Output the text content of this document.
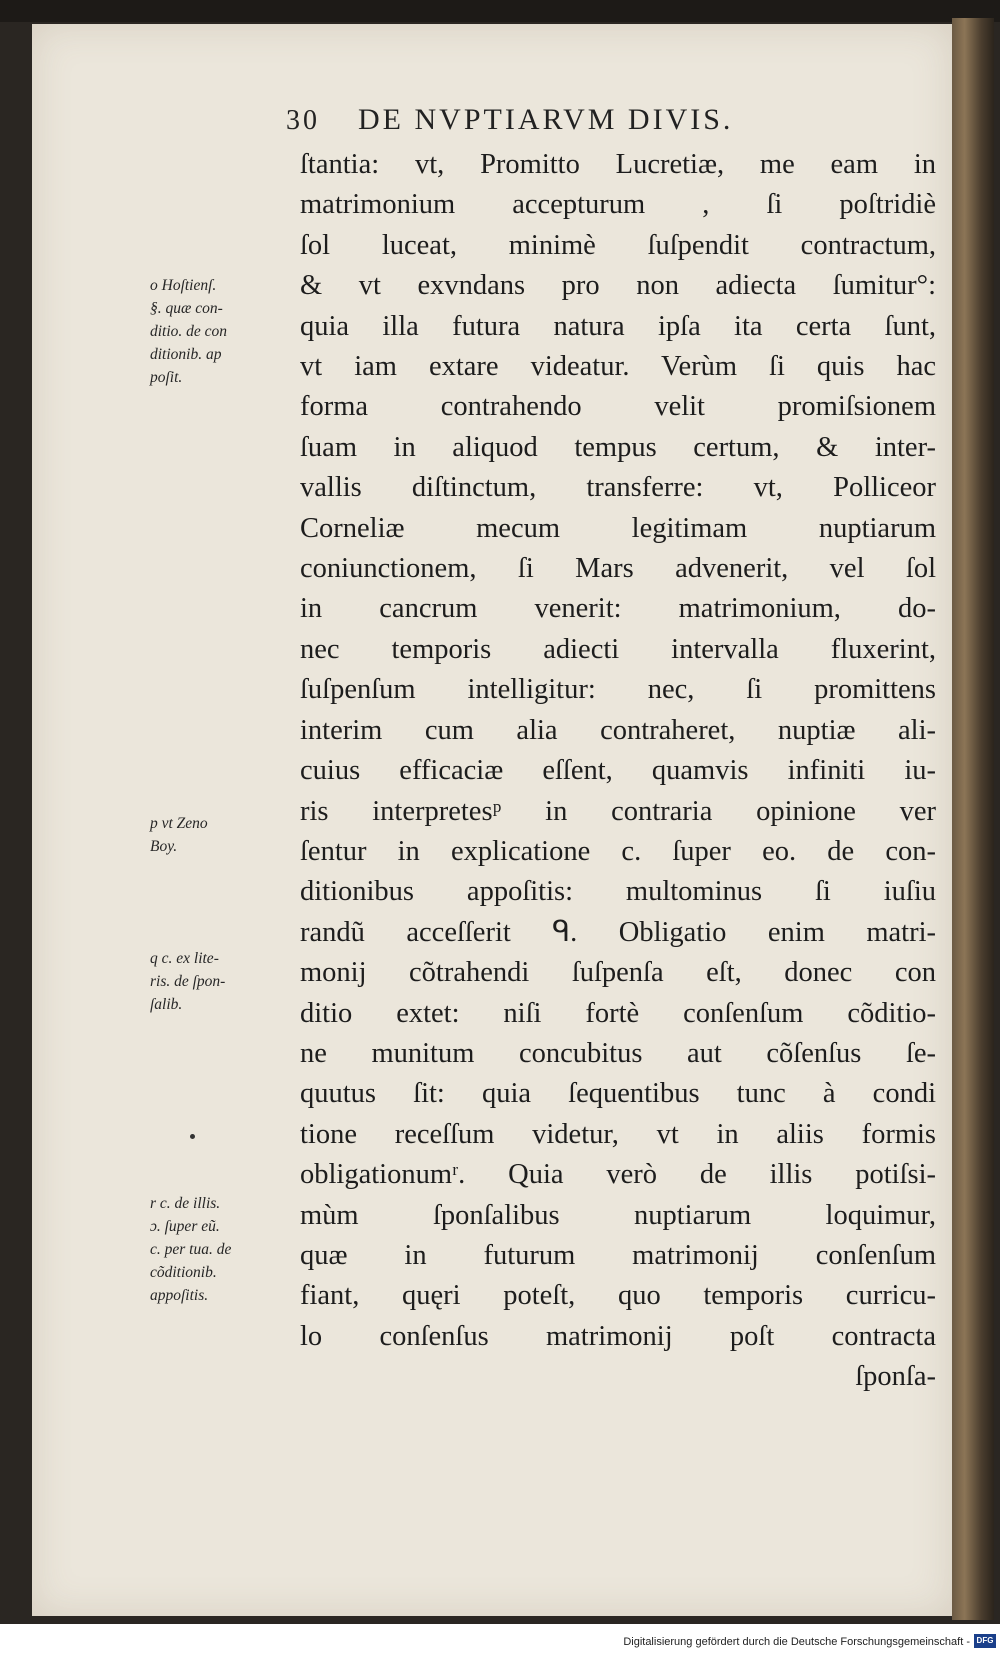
30 DE NVPTIARVM DIVIS.
ſtantia: vt, Promitto Lucretiæ, me eam in
matrimonium accepturum , ſi poſtridiè
ſol luceat, minimè ſuſpendit contractum,
& vt exvndans pro non adiecta ſumitur°:
quia illa futura natura ipſa ita certa ſunt,
vt iam extare videatur. Verùm ſi quis hac
forma contrahendo velit promiſsionem
ſuam in aliquod tempus certum, & inter-
vallis diſtinctum, transferre: vt, Polliceor
Corneliæ mecum legitimam nuptiarum
coniunctionem, ſi Mars advenerit, vel ſol
in cancrum venerit: matrimonium, do-
nec temporis adiecti intervalla fluxerint,
ſuſpenſum intelligitur: nec, ſi promittens
interim cum alia contraheret, nuptiæ ali-
cuius efficaciæ eſſent, quamvis infiniti iu-
ris interpretesᵖ in contraria opinione ver
ſentur in explicatione c. ſuper eo. de con-
ditionibus appoſitis: multominus ſi iuſiu
randũ acceſſerit ᑫ. Obligatio enim matri-
monij cõtrahendi ſuſpenſa eſt, donec con
ditio extet: niſi fortè conſenſum cõditio-
ne munitum concubitus aut cõſenſus ſe-
quutus ſit: quia ſequentibus tunc à condi
tione receſſum videtur, vt in aliis formis
obligationumʳ. Quia verò de illis potiſsi-
mùm ſponſalibus nuptiarum loquimur,
quæ in futurum matrimonij conſenſum
fiant, quęri poteſt, quo temporis curricu-
lo conſenſus matrimonij poſt contracta
ſponſa-
o Hoſtienſ.
§. quæ con-
ditio. de con
ditionib. ap
poſit.
p vt Zeno
Boy.
q c. ex lite-
ris. de ſpon-
ſalib.
r c. de illis.
ɔ. ſuper eũ.
c. per tua. de
cõditionib.
appoſitis.
Digitalisierung gefördert durch die Deutsche Forschungsgemeinschaft - DFG
